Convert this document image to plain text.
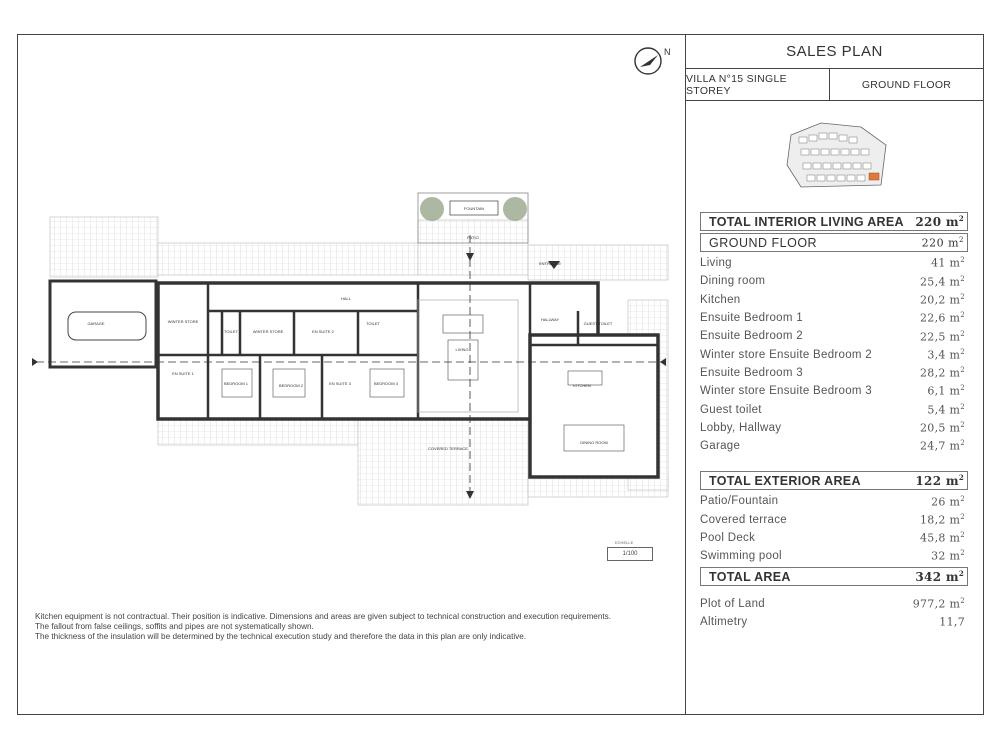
N
FOUNTAIN
PATIO
GARAGE	WINTER STORE
TOILET	WINTER STORE	EN SUITE 2
TOILET
HALL
EN SUITE 1
BEDROOM 1	BEDROOM 2	EN SUITE 3	BEDROOM 3
LIVING
HALLWAY
GUEST TOILET
KITCHEN
DINING ROOM
ENTRANCE
COVERED TERRACE
ECHELLE
1/100
Kitchen equipment is not contractual. Their position is indicative. Dimensions and areas are given subject to technical construction and execution requirements.
The fallout from false ceilings, soffits and pipes are not systematically shown.
The thickness of the insulation will be determined by the technical execution study and therefore the data in this plan are only indicative.
SALES PLAN
VILLA N°15 SINGLE STOREY	GROUND FLOOR
TOTAL INTERIOR LIVING AREA 220 $m^2$
GROUND FLOOR	220 $m^2$
Living	41 $m^2$
Dining room	25,4 $m^2$
Kitchen	20,2 $m^2$
Ensuite Bedroom 1	22,6 $m^2$
Ensuite Bedroom 2	22,5 $m^2$
Winter store Ensuite Bedroom 2	3,4 $m^2$
Ensuite Bedroom 3	28,2 $m^2$
Winter store Ensuite Bedroom 3	6,1 $m^2$
Guest toilet	5,4 $m^2$
Lobby, Hallway	20,5 $m^2$
Garage	24,7 $m^2$
TOTAL EXTERIOR AREA	122 $m^2$
Patio/Fountain	26 $m^2$
Covered terrace	18,2 $m^2$
Pool Deck	45,8 $m^2$
Swimming pool	32 $m^2$
TOTAL AREA	342 $m^2$
Plot of Land	977,2 $m^2$
Altimetry	11,7
